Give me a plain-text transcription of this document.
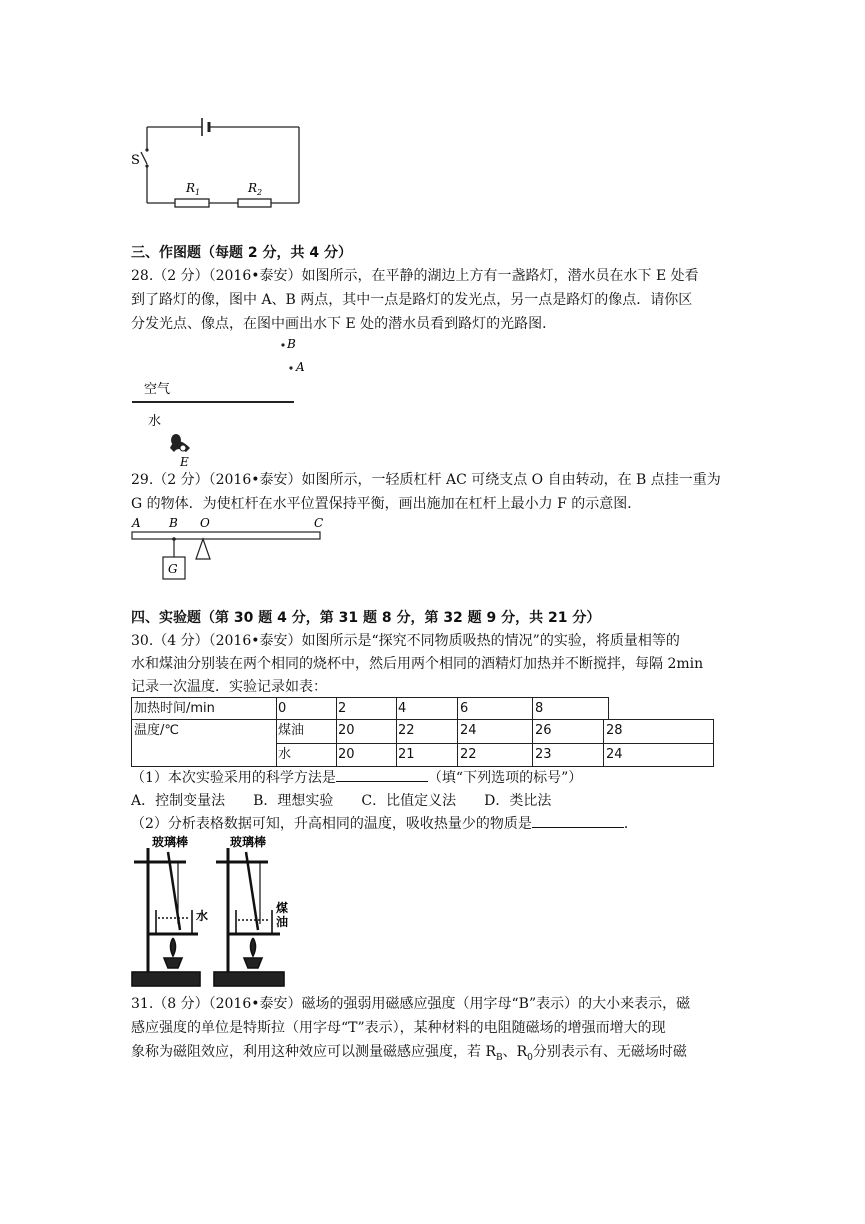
S
$R_1$	$R_2$
三、作图题（每题 2 分，共 4 分）
28.（2 分）（2016•泰安）如图所示，在平静的湖边上方有一盏路灯，潜水员在水下 E 处看
到了路灯的像，图中 A、B 两点，其中一点是路灯的发光点，另一点是路灯的像点．请你区
分发光点、像点，在图中画出水下 E 处的潜水员看到路灯的光路图．
B
A
空气
水
E
29.（2 分）（2016•泰安）如图所示，一轻质杠杆 AC 可绕支点 O 自由转动，在 B 点挂一重为
G 的物体．为使杠杆在水平位置保持平衡，画出施加在杠杆上最小力 F 的示意图．
A B O	C
G
四、实验题（第 30 题 4 分，第 31 题 8 分，第 32 题 9 分，共 21 分）
30.（4 分）（2016•泰安）如图所示是“探究不同物质吸热的情况”的实验，将质量相等的
水和煤油分别装在两个相同的烧杯中，然后用两个相同的酒精灯加热并不断搅拌，每隔 2min
记录一次温度．实验记录如表：
加热时间/min	0	2	4	6	8
温度/℃	煤油	20	22	24	26	28
水	20	21	22	23	24
（1）本次实验采用的科学方法是	（填“下列选项的标号”）
A．控制变量法　　B．理想实验　　C．比值定义法　　D．类比法
（2）分析表格数据可知，升高相同的温度，吸收热量少的物质是	．
玻璃棒	玻璃棒
水
煤
油
31.（8 分）（2016•泰安）磁场的强弱用磁感应强度（用字母“B”表示）的大小来表示，磁
感应强度的单位是特斯拉（用字母“T”表示），某种材料的电阻随磁场的增强而增大的现
象称为磁阻效应，利用这种效应可以测量磁感应强度，若 $R_B$、$R_0$分别表示有、无磁场时磁
